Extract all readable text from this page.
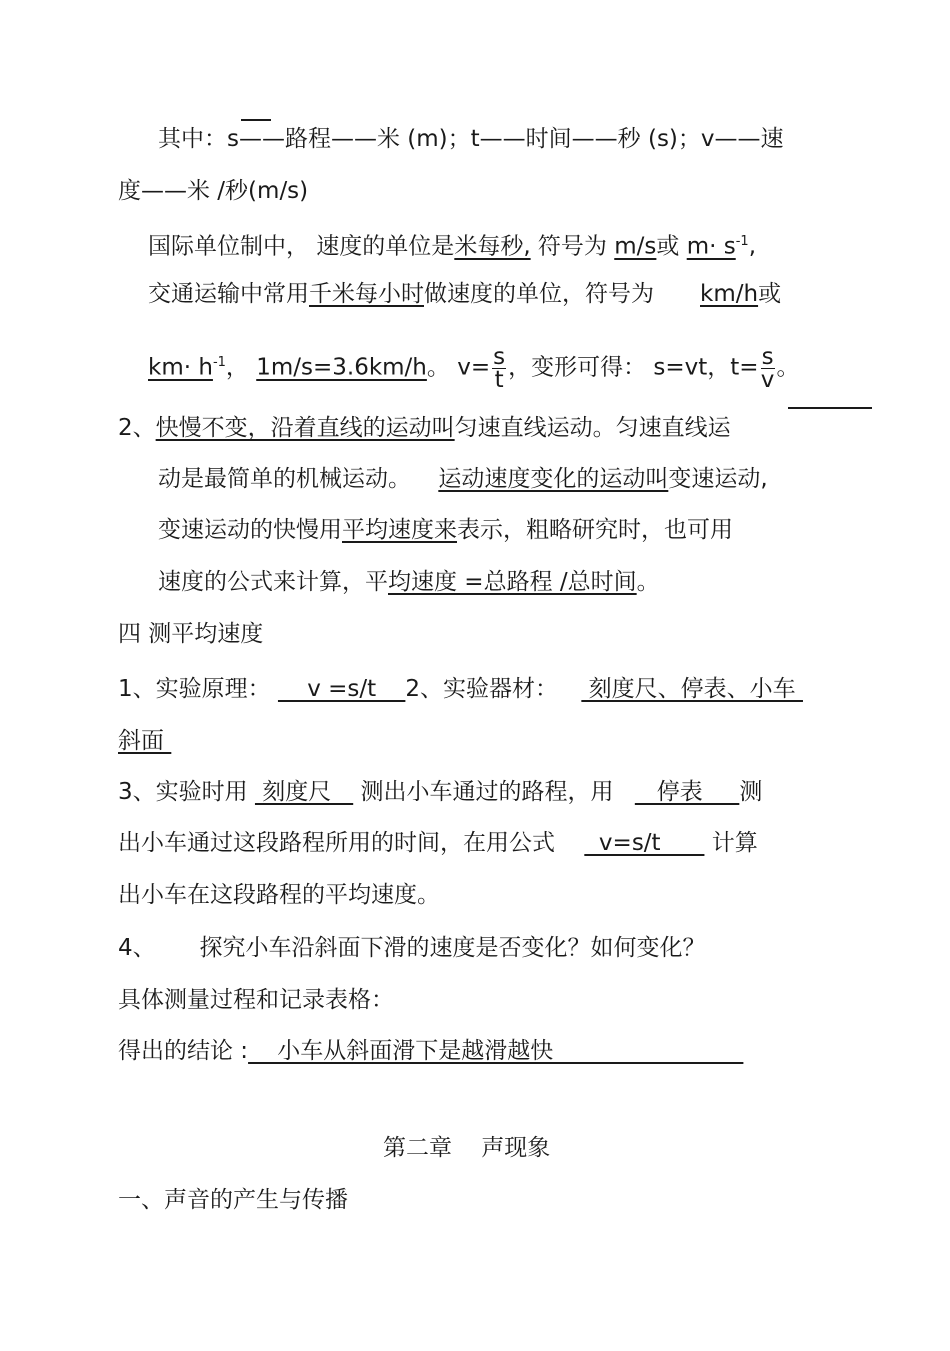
其中：s——路程——米 (m)；t——时间——秒 (s)；v——速
度——米 /秒(m/s)
国际单位制中， 速度的单位是米每秒, 符号为 m/s或 $m\cdot s^{-1}$,
交通运输中常用千米每小时做速度的单位，符号为 km/h或
$km\cdot h^{-1}$， 1m/s=3.6km/h。 $v= \frac{s}{t}$ ，变形可得： s=vt，$t= \frac{s}{v}$ 。
2、快慢不变，沿着直线的运动叫匀速直线运动。匀速直线运
动是最简单的机械运动。 运动速度变化的运动叫变速运动,
变速运动的快慢用平均速度来表示，粗略研究时，也可用
速度的公式来计算，平均速度 =总路程 /总时间。
四 测平均速度
1、实验原理：     v =s/t    2、实验器材：  刻度尺、停表、小车
斜面
3、实验时用  刻度尺    测出小车通过的路程，用    停表     测
出小车通过这段路程所用的时间，在用公式   v=s/t       计算
出小车在这段路程的平均速度。
4、      探究小车沿斜面下滑的速度是否变化？如何变化？
具体测量过程和记录表格：
得出的结论 :    小车从斜面滑下是越滑越快
第二章    声现象
一、声音的产生与传播
